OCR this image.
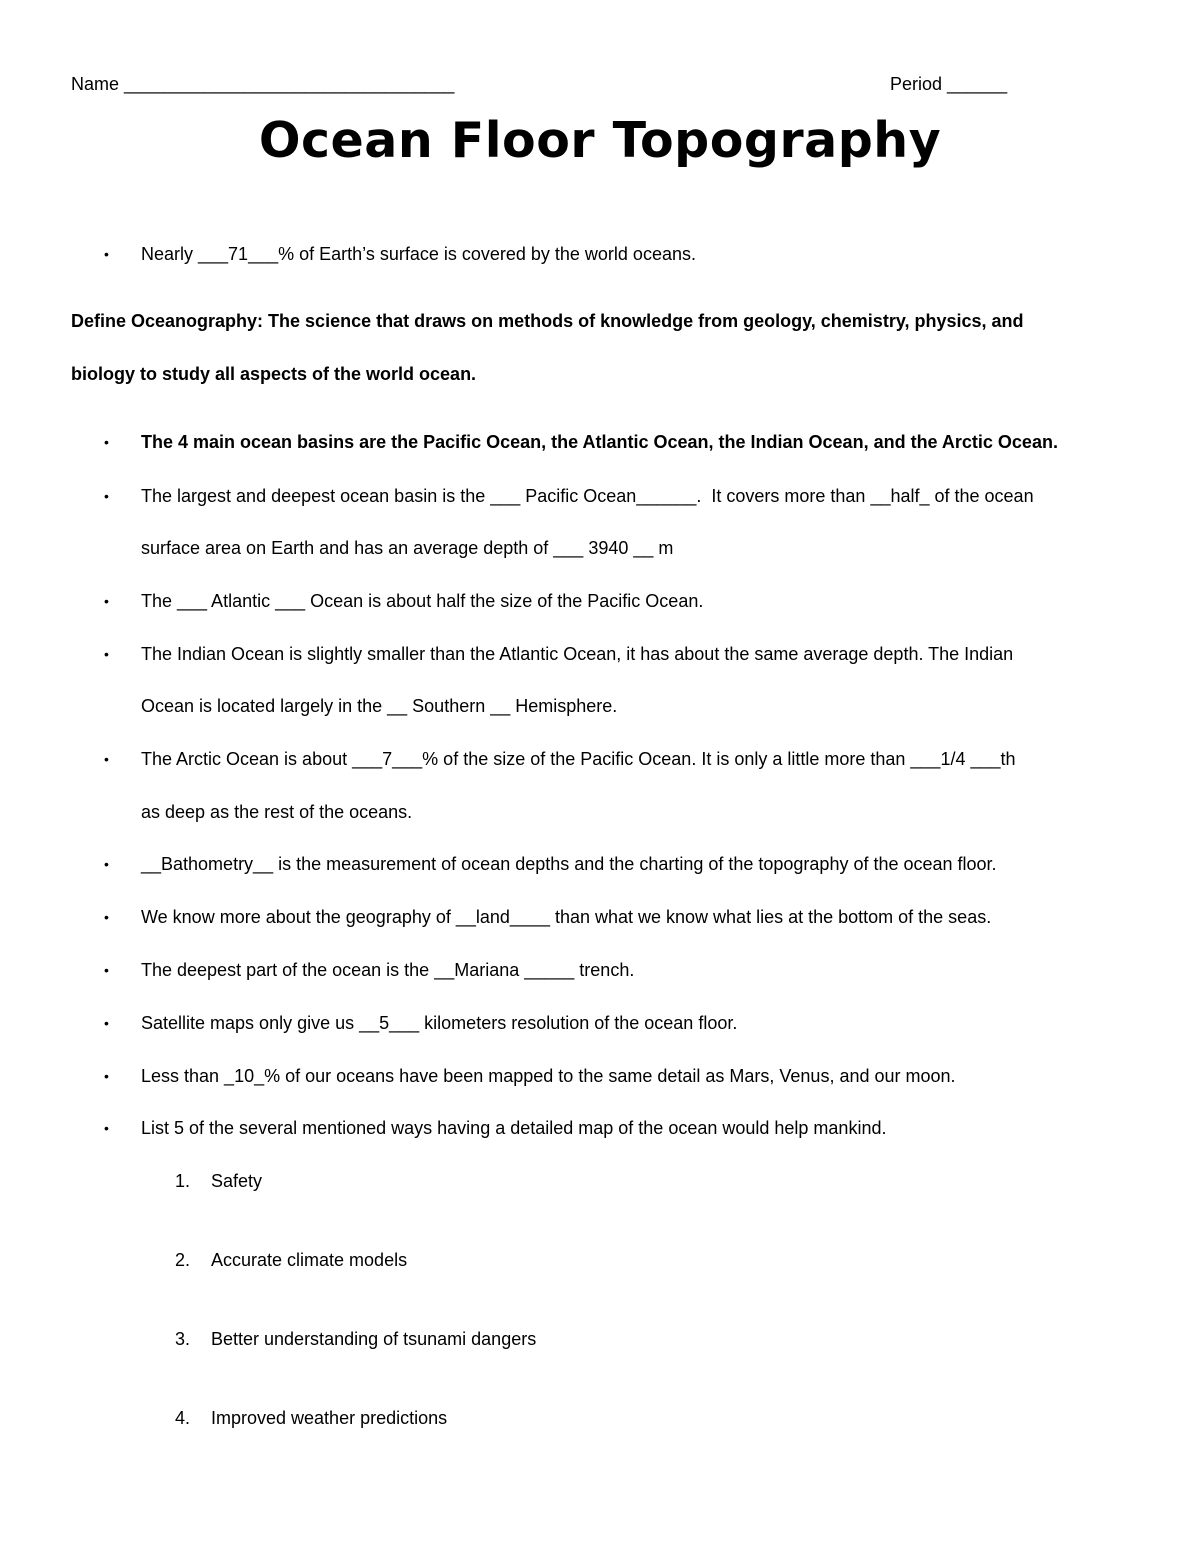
Name _________________________________	Period ______
Ocean Floor Topography
• Nearly ___71___% of Earth’s surface is covered by the world oceans.
Define Oceanography: The science that draws on methods of knowledge from geology, chemistry, physics, and
biology to study all aspects of the world ocean.
• The 4 main ocean basins are the Pacific Ocean, the Atlantic Ocean, the Indian Ocean, and the Arctic Ocean.
• The largest and deepest ocean basin is the ___ Pacific Ocean______.  It covers more than __half_ of the ocean
surface area on Earth and has an average depth of ___ 3940 __ m
• The ___ Atlantic ___ Ocean is about half the size of the Pacific Ocean.
• The Indian Ocean is slightly smaller than the Atlantic Ocean, it has about the same average depth. The Indian
Ocean is located largely in the __ Southern __ Hemisphere.
• The Arctic Ocean is about ___7___% of the size of the Pacific Ocean. It is only a little more than ___1/4 ___th
as deep as the rest of the oceans.
• __Bathometry__ is the measurement of ocean depths and the charting of the topography of the ocean floor.
• We know more about the geography of __land____ than what we know what lies at the bottom of the seas.
• The deepest part of the ocean is the __Mariana _____ trench.
• Satellite maps only give us __5___ kilometers resolution of the ocean floor.
• Less than _10_% of our oceans have been mapped to the same detail as Mars, Venus, and our moon.
• List 5 of the several mentioned ways having a detailed map of the ocean would help mankind.
1. Safety
2. Accurate climate models
3. Better understanding of tsunami dangers
4. Improved weather predictions
